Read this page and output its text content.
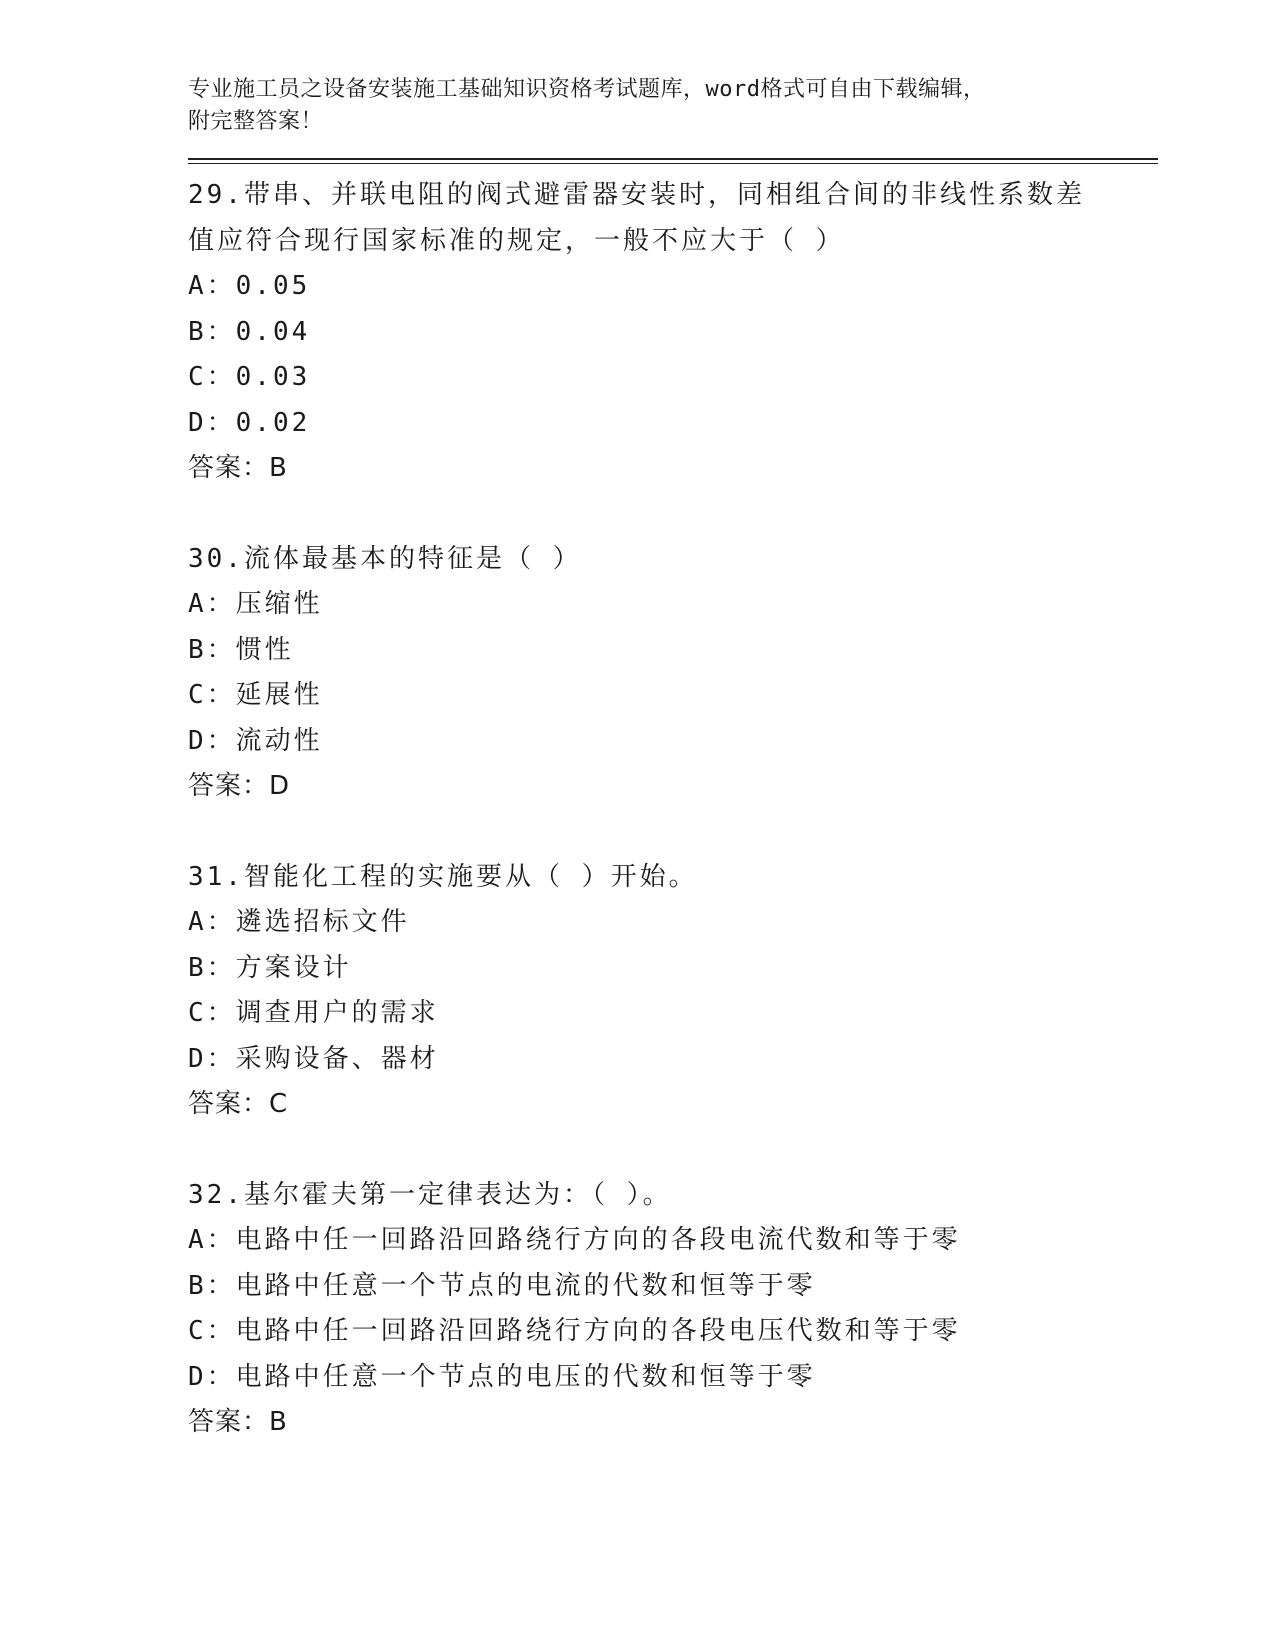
专业施工员之设备安装施工基础知识资格考试题库，word格式可自由下载编辑，
附完整答案！
29.带串、并联电阻的阀式避雷器安装时，同相组合间的非线性系数差
值应符合现行国家标准的规定，一般不应大于（ ）
A：0.05
B：0.04
C：0.03
D：0.02
答案：B
30.流体最基本的特征是（ ）
A：压缩性
B：惯性
C：延展性
D：流动性
答案：D
31.智能化工程的实施要从（ ）开始。
A：遴选招标文件
B：方案设计
C：调查用户的需求
D：采购设备、器材
答案：C
32.基尔霍夫第一定律表达为：（ ）。
A：电路中任一回路沿回路绕行方向的各段电流代数和等于零
B：电路中任意一个节点的电流的代数和恒等于零
C：电路中任一回路沿回路绕行方向的各段电压代数和等于零
D：电路中任意一个节点的电压的代数和恒等于零
答案：B
